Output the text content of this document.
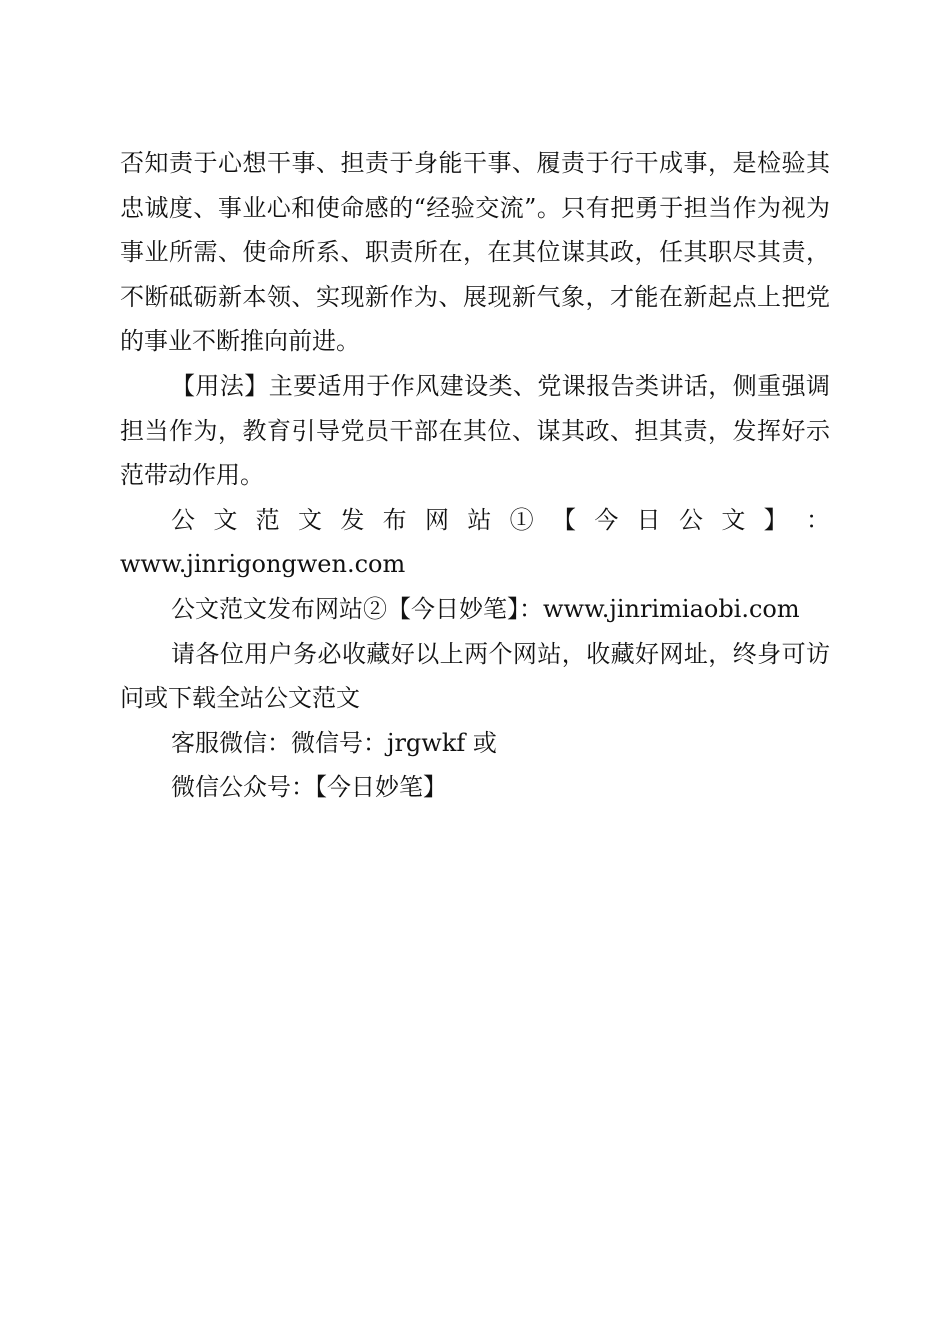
否知责于心想干事、担责于身能干事、履责于行干成事，是检验其忠诚度、事业心和使命感的“经验交流”。只有把勇于担当作为视为事业所需、使命所系、职责所在，在其位谋其政，任其职尽其责，不断砥砺新本领、实现新作为、展现新气象，才能在新起点上把党的事业不断推向前进。

【用法】主要适用于作风建设类、党课报告类讲话，侧重强调担当作为，教育引导党员干部在其位、谋其政、担其责，发挥好示范带动作用。

公 文 范 文 发 布 网 站 ① 【 今 日 公 文 】 ：

www.jinrigongwen.com

公文范文发布网站②【今日妙笔】：www.jinrimiaobi.com

请各位用户务必收藏好以上两个网站，收藏好网址，终身可访问或下载全站公文范文

客服微信：微信号：jrgwkf 或

微信公众号：【今日妙笔】
